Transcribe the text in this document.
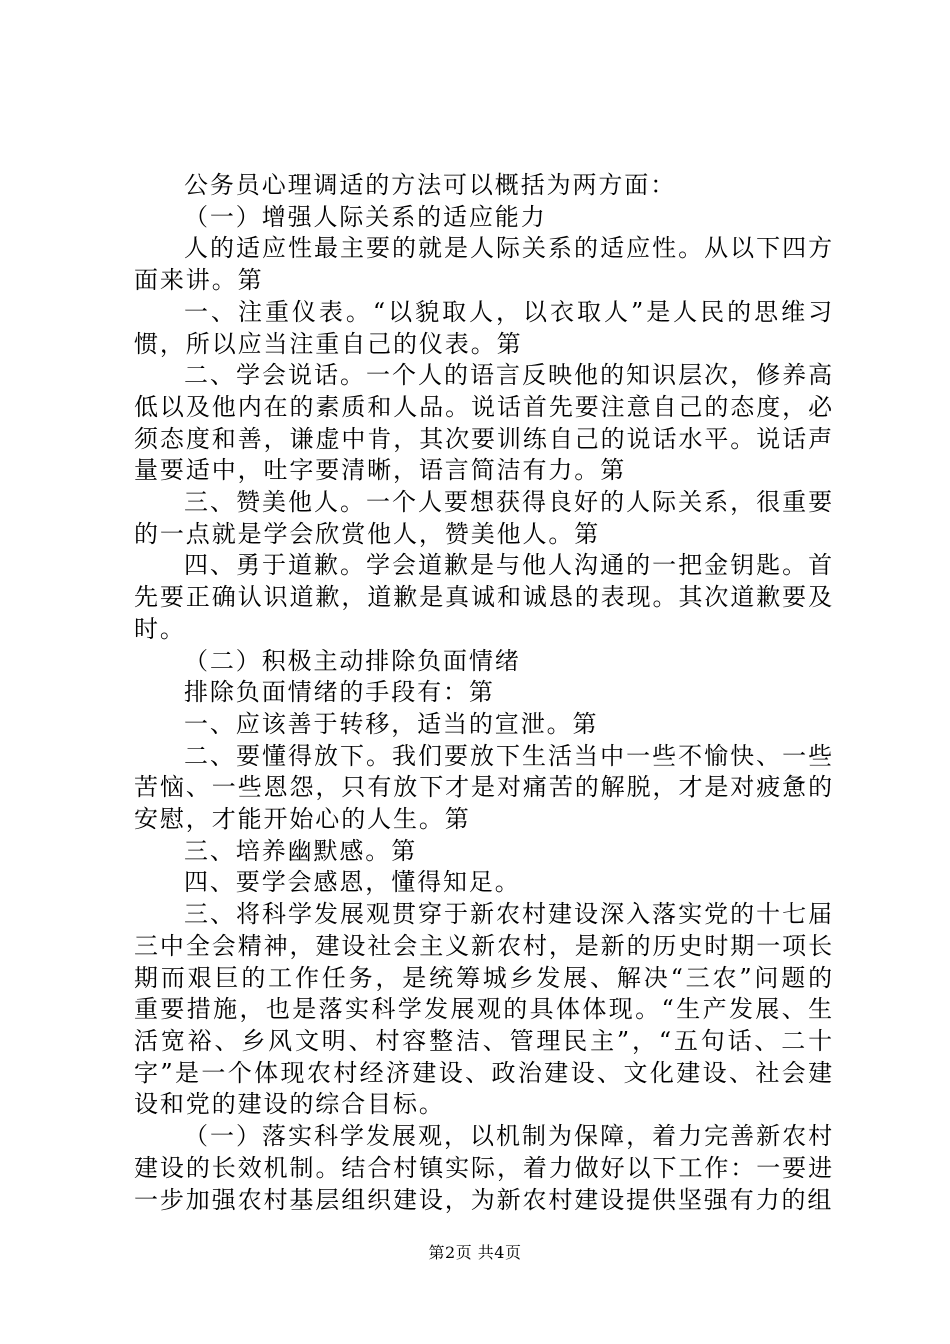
公务员心理调适的方法可以概括为两方面：

（一）增强人际关系的适应能力

人的适应性最主要的就是人际关系的适应性。从以下四方面来讲。第

一、注重仪表。“以貌取人，以衣取人”是人民的思维习惯，所以应当注重自己的仪表。第

二、学会说话。一个人的语言反映他的知识层次，修养高低以及他内在的素质和人品。说话首先要注意自己的态度，必须态度和善，谦虚中肯，其次要训练自己的说话水平。说话声量要适中，吐字要清晰，语言简洁有力。第

三、赞美他人。一个人要想获得良好的人际关系，很重要的一点就是学会欣赏他人，赞美他人。第

四、勇于道歉。学会道歉是与他人沟通的一把金钥匙。首先要正确认识道歉，道歉是真诚和诚恳的表现。其次道歉要及时。

（二）积极主动排除负面情绪

排除负面情绪的手段有：第

一、应该善于转移，适当的宣泄。第

二、要懂得放下。我们要放下生活当中一些不愉快、一些苦恼、一些恩怨，只有放下才是对痛苦的解脱，才是对疲惫的安慰，才能开始心的人生。第

三、培养幽默感。第

四、要学会感恩，懂得知足。

三、将科学发展观贯穿于新农村建设深入落实党的十七届三中全会精神，建设社会主义新农村，是新的历史时期一项长期而艰巨的工作任务，是统筹城乡发展、解决“三农”问题的重要措施，也是落实科学发展观的具体体现。“生产发展、生活宽裕、乡风文明、村容整洁、管理民主”，“五句话、二十字”是一个体现农村经济建设、政治建设、文化建设、社会建设和党的建设的综合目标。

（一）落实科学发展观，以机制为保障，着力完善新农村建设的长效机制。结合村镇实际，着力做好以下工作：一要进一步加强农村基层组织建设，为新农村建设提供坚强有力的组

第2页 共4页
